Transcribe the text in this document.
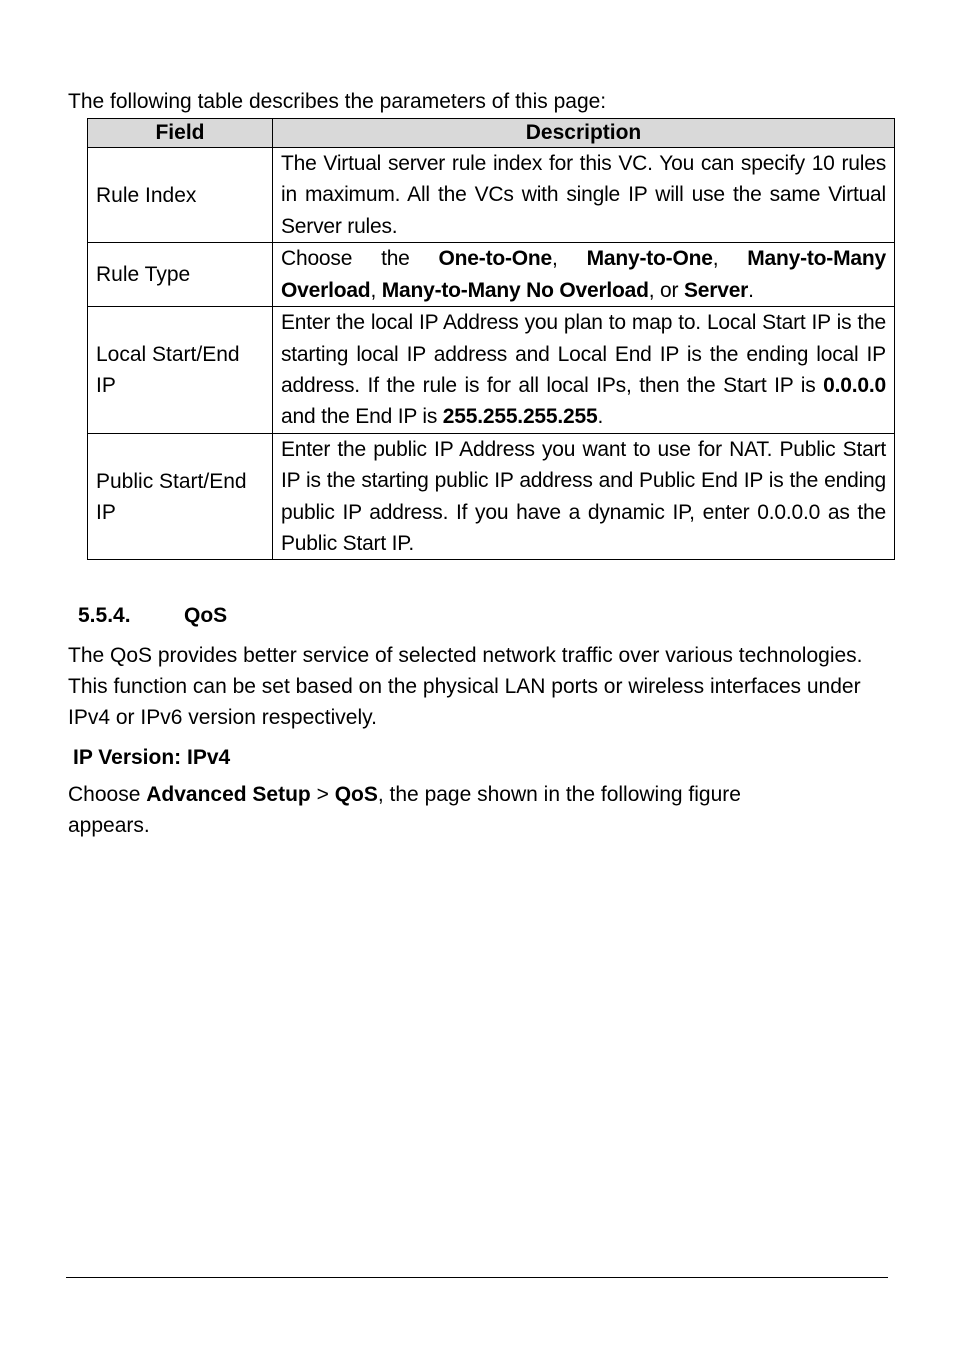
The following table describes the parameters of this page:
Field	Description
Rule Index	The Virtual server rule index for this VC. You can specify 10 rules in maximum. All the VCs with single IP will use the same Virtual Server rules.
Rule Type	Choose the One-to-One, Many-to-One, Many-to-Many Overload, Many-to-Many No Overload, or Server.
Local Start/End IP	Enter the local IP Address you plan to map to. Local Start IP is the starting local IP address and Local End IP is the ending local IP address. If the rule is for all local IPs, then the Start IP is 0.0.0.0 and the End IP is 255.255.255.255.
Public Start/End IP	Enter the public IP Address you want to use for NAT. Public Start IP is the starting public IP address and Public End IP is the ending public IP address. If you have a dynamic IP, enter 0.0.0.0 as the Public Start IP.
5.5.4.	QoS
The QoS provides better service of selected network traffic over various technologies. This function can be set based on the physical LAN ports or wireless interfaces under IPv4 or IPv6 version respectively.
IP Version: IPv4
Choose Advanced Setup > QoS, the page shown in the following figure appears.
